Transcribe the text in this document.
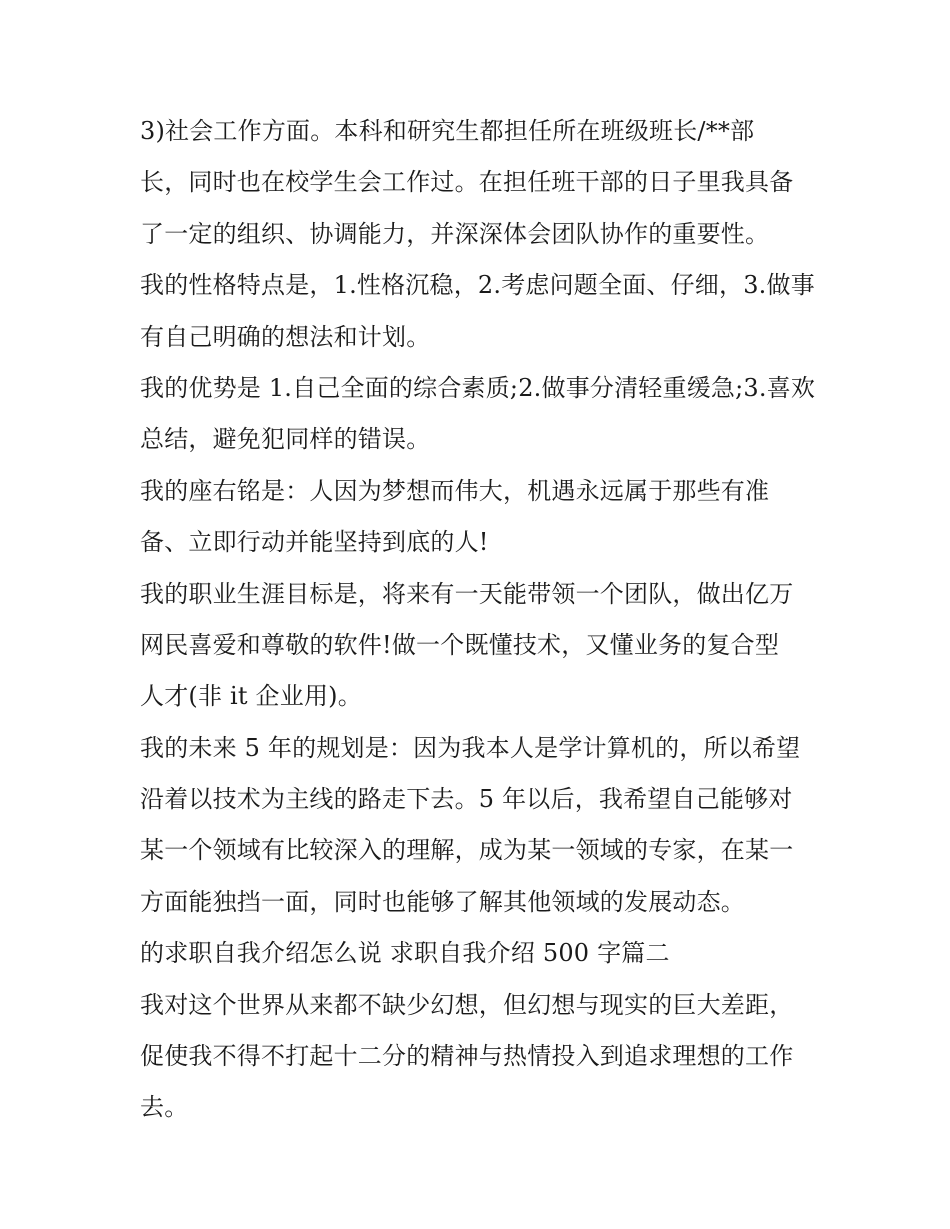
3)社会工作方面。本科和研究生都担任所在班级班长/**部
长，同时也在校学生会工作过。在担任班干部的日子里我具备
了一定的组织、协调能力，并深深体会团队协作的重要性。
我的性格特点是，1.性格沉稳，2.考虑问题全面、仔细，3.做事
有自己明确的想法和计划。
我的优势是 1.自己全面的综合素质;2.做事分清轻重缓急;3.喜欢
总结，避免犯同样的错误。
我的座右铭是：人因为梦想而伟大，机遇永远属于那些有准
备、立即行动并能坚持到底的人!
我的职业生涯目标是，将来有一天能带领一个团队，做出亿万
网民喜爱和尊敬的软件!做一个既懂技术，又懂业务的复合型
人才(非 it 企业用)。
我的未来 5 年的规划是：因为我本人是学计算机的，所以希望
沿着以技术为主线的路走下去。5 年以后，我希望自己能够对
某一个领域有比较深入的理解，成为某一领域的专家，在某一
方面能独挡一面，同时也能够了解其他领域的发展动态。
的求职自我介绍怎么说 求职自我介绍 500 字篇二
我对这个世界从来都不缺少幻想，但幻想与现实的巨大差距，
促使我不得不打起十二分的精神与热情投入到追求理想的工作
去。
